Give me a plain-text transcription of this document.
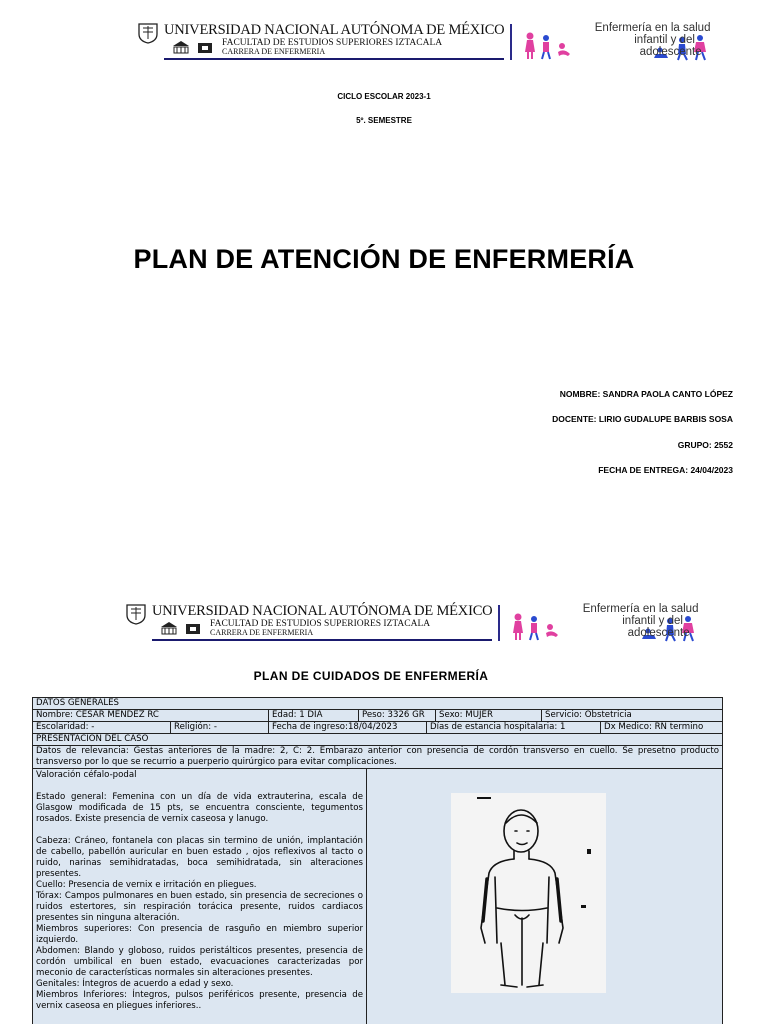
UNIVERSIDAD NACIONAL AUTÓNOMA DE MÉXICO
FACULTAD DE ESTUDIOS SUPERIORES IZTACALA
CARRERA DE ENFERMERIA
Enfermería en la salud
infantil y del
adolescente
CICLO ESCOLAR 2023-1
5º. SEMESTRE
PLAN DE ATENCIÓN DE ENFERMERÍA
NOMBRE: SANDRA PAOLA CANTO LÓPEZ
DOCENTE: LIRIO GUDALUPE BARBIS SOSA
GRUPO: 2552
FECHA DE ENTREGA: 24/04/2023
UNIVERSIDAD NACIONAL AUTÓNOMA DE MÉXICO
FACULTAD DE ESTUDIOS SUPERIORES IZTACALA
CARRERA DE ENFERMERIA
Enfermería en la salud
infantil y del
adolescente
PLAN DE CUIDADOS DE ENFERMERÍA
DATOS GENERALES
Nombre: CESAR MENDEZ RC	Edad: 1 DIA	Peso: 3326 GR	Sexo: MUJER	Servicio: Obstetricia
Escolaridad: -	Religión: -	Fecha de ingreso:18/04/2023	Días de estancia hospitalaria: 1	Dx Medico: RN termino
PRESENTACIÓN DEL CASO
Datos de relevancia: Gestas anteriores de la madre: 2, C: 2. Embarazo anterior con presencia de cordón transverso en cuello. Se presetno producto transverso por lo que se recurrio a puerperio quirúrgico para evitar complicaciones.

Valoración céfalo-podal

Estado general: Femenina con un día de vida extrauterina, escala de Glasgow modificada de 15 pts, se encuentra consciente, tegumentos rosados. Existe presencia de vernix caseosa y lanugo.

Cabeza: Cráneo, fontanela con placas sin termino de unión, implantación de cabello, pabellón auricular en buen estado , ojos reflexivos al tacto o ruido, narinas semihidratadas, boca semihidratada, sin alteraciones presentes.

Cuello: Presencia de vernix e irritación en pliegues.

Tórax: Campos pulmonares en buen estado, sin presencia de secreciones o ruidos estertores, sin respiración torácica presente, ruidos cardiacos presentes sin ninguna alteración.

Miembros superiores: Con presencia de rasguño en miembro superior izquierdo.

Abdomen: Blando y globoso, ruidos peristálticos presentes, presencia de cordón umbilical en buen estado, evacuaciones caracterizadas por meconio de características normales sin alteraciones presentes.

Genitales: Íntegros de acuerdo a edad y sexo.

Miembros Inferiores: Íntegros, pulsos periféricos presente, presencia de vernix caseosa en pliegues inferiores..
